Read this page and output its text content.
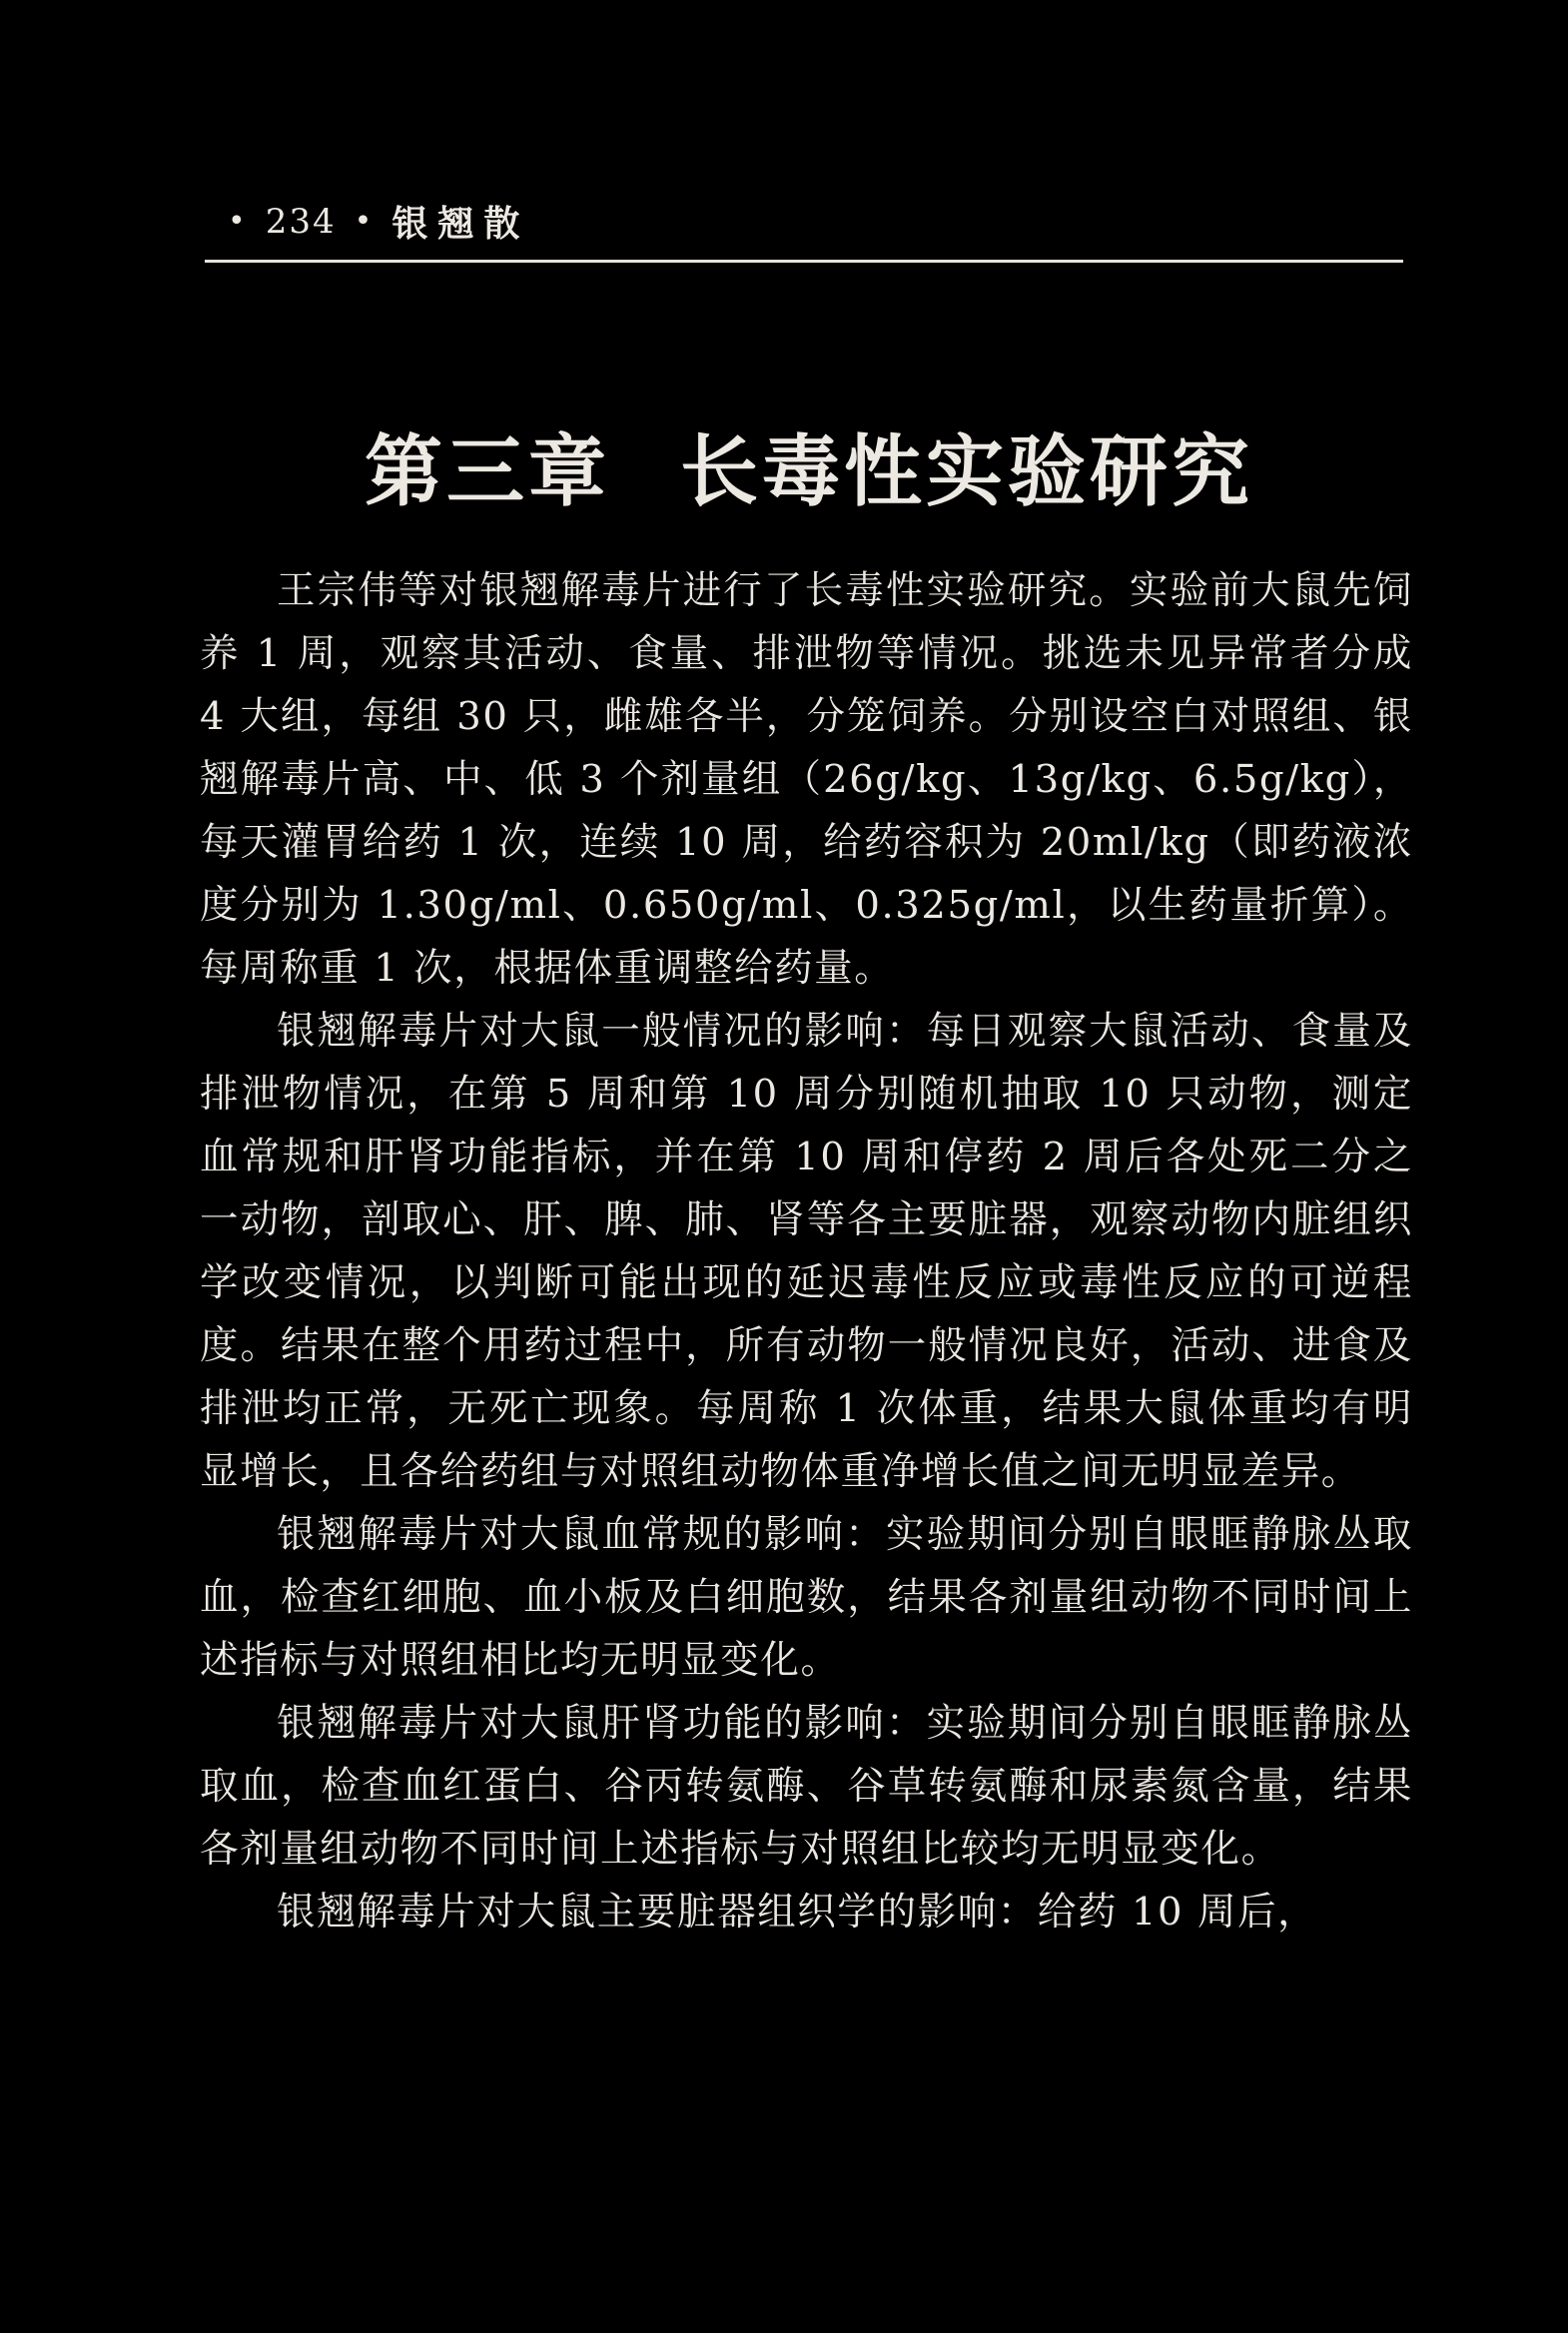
• 234 • 银翘散
第三章 长毒性实验研究

王宗伟等对银翘解毒片进行了长毒性实验研究。实验前大鼠先饲养 1 周，观察其活动、食量、排泄物等情况。挑选未见异常者分成 4 大组，每组 30 只，雌雄各半，分笼饲养。分别设空白对照组、银翘解毒片高、中、低 3 个剂量组（26g/kg、13g/kg、6.5g/kg），每天灌胃给药 1 次，连续 10 周，给药容积为 20ml/kg（即药液浓度分别为 1.30g/ml、0.650g/ml、0.325g/ml，以生药量折算）。每周称重 1 次，根据体重调整给药量。

银翘解毒片对大鼠一般情况的影响：每日观察大鼠活动、食量及排泄物情况，在第 5 周和第 10 周分别随机抽取 10 只动物，测定血常规和肝肾功能指标，并在第 10 周和停药 2 周后各处死二分之一动物，剖取心、肝、脾、肺、肾等各主要脏器，观察动物内脏组织学改变情况，以判断可能出现的延迟毒性反应或毒性反应的可逆程度。结果在整个用药过程中，所有动物一般情况良好，活动、进食及排泄均正常，无死亡现象。每周称 1 次体重，结果大鼠体重均有明显增长，且各给药组与对照组动物体重净增长值之间无明显差异。

银翘解毒片对大鼠血常规的影响：实验期间分别自眼眶静脉丛取血，检查红细胞、血小板及白细胞数，结果各剂量组动物不同时间上述指标与对照组相比均无明显变化。

银翘解毒片对大鼠肝肾功能的影响：实验期间分别自眼眶静脉丛取血，检查血红蛋白、谷丙转氨酶、谷草转氨酶和尿素氮含量，结果各剂量组动物不同时间上述指标与对照组比较均无明显变化。

银翘解毒片对大鼠主要脏器组织学的影响：给药 10 周后，
